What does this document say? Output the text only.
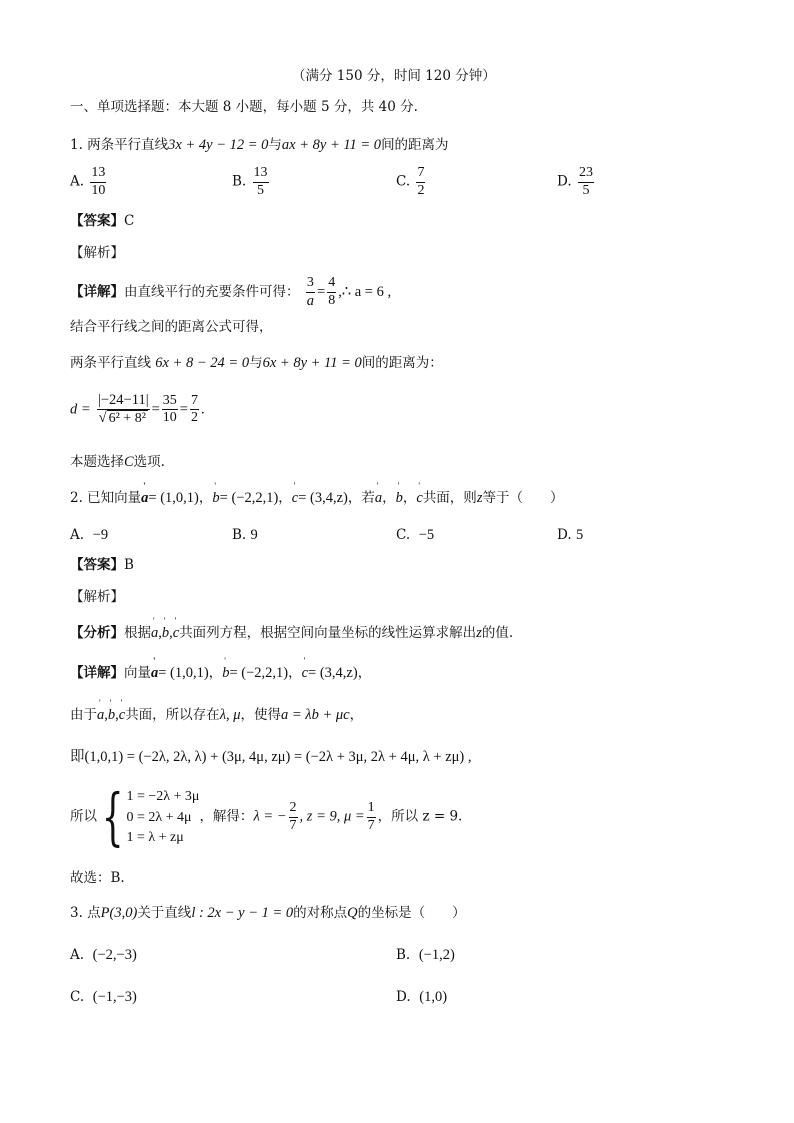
（满分 150 分，时间 120 分钟）
一、单项选择题：本大题 8 小题，每小题 5 分，共 40 分.
1. 两条平行直线3x + 4y − 12 = 0与ax + 8y + 11 = 0间的距离为
A. $\frac{13}{10}$	B. $\frac{13}{5}$	C. $\frac{7}{2}$	D. $\frac{23}{5}$
【答案】C
【解析】
【详解】由直线平行的充要条件可得： $\frac{3}{a} = \frac{4}{8}$ ,∴ a = 6 ,
结合平行线之间的距离公式可得，
两条平行直线 6x + 8 − 24 = 0与6x + 8y + 11 = 0间的距离为：
$d = \frac{|-24-11|}{\text{√ 6² + 8²}} = \frac{35}{10} = \frac{7}{2}$ .
本题选择C选项.
2. 已知向量' a= (1,0,1)，' b= (−2,2,1)，' c= (3,4,z)，若' a，' b，' c共面，则z等于（　　）
A. −9	B. 9	C. −5	D. 5
【答案】B
【解析】
【分析】根据' a,' b,' c共面列方程，根据空间向量坐标的线性运算求解出z的值.
【详解】向量' a= (1,0,1)，' b= (−2,2,1)，' c= (3,4,z)，
由于' a,' b,' c共面，所以存在λ, μ，使得a = λb + μc，
即(1,0,1) = (−2λ, 2λ, λ) + (3μ, 4μ, zμ) = (−2λ + 3μ, 2λ + 4μ, λ + zμ) ,
所以 { 1 = −2λ + 3μ
0 = 2λ + 4μ
1 = λ + zμ
，解得：λ = − $\frac{2}{7}$ , z = 9, $\mu = \frac{1}{7}$ ，所以 z = 9.
故选：B.
3. 点P(3,0)关于直线l : 2x − y − 1 = 0的对称点Q的坐标是（　　）
A. (−2,−3)	B. (−1,2)
C. (−1,−3)	D. (1,0)
